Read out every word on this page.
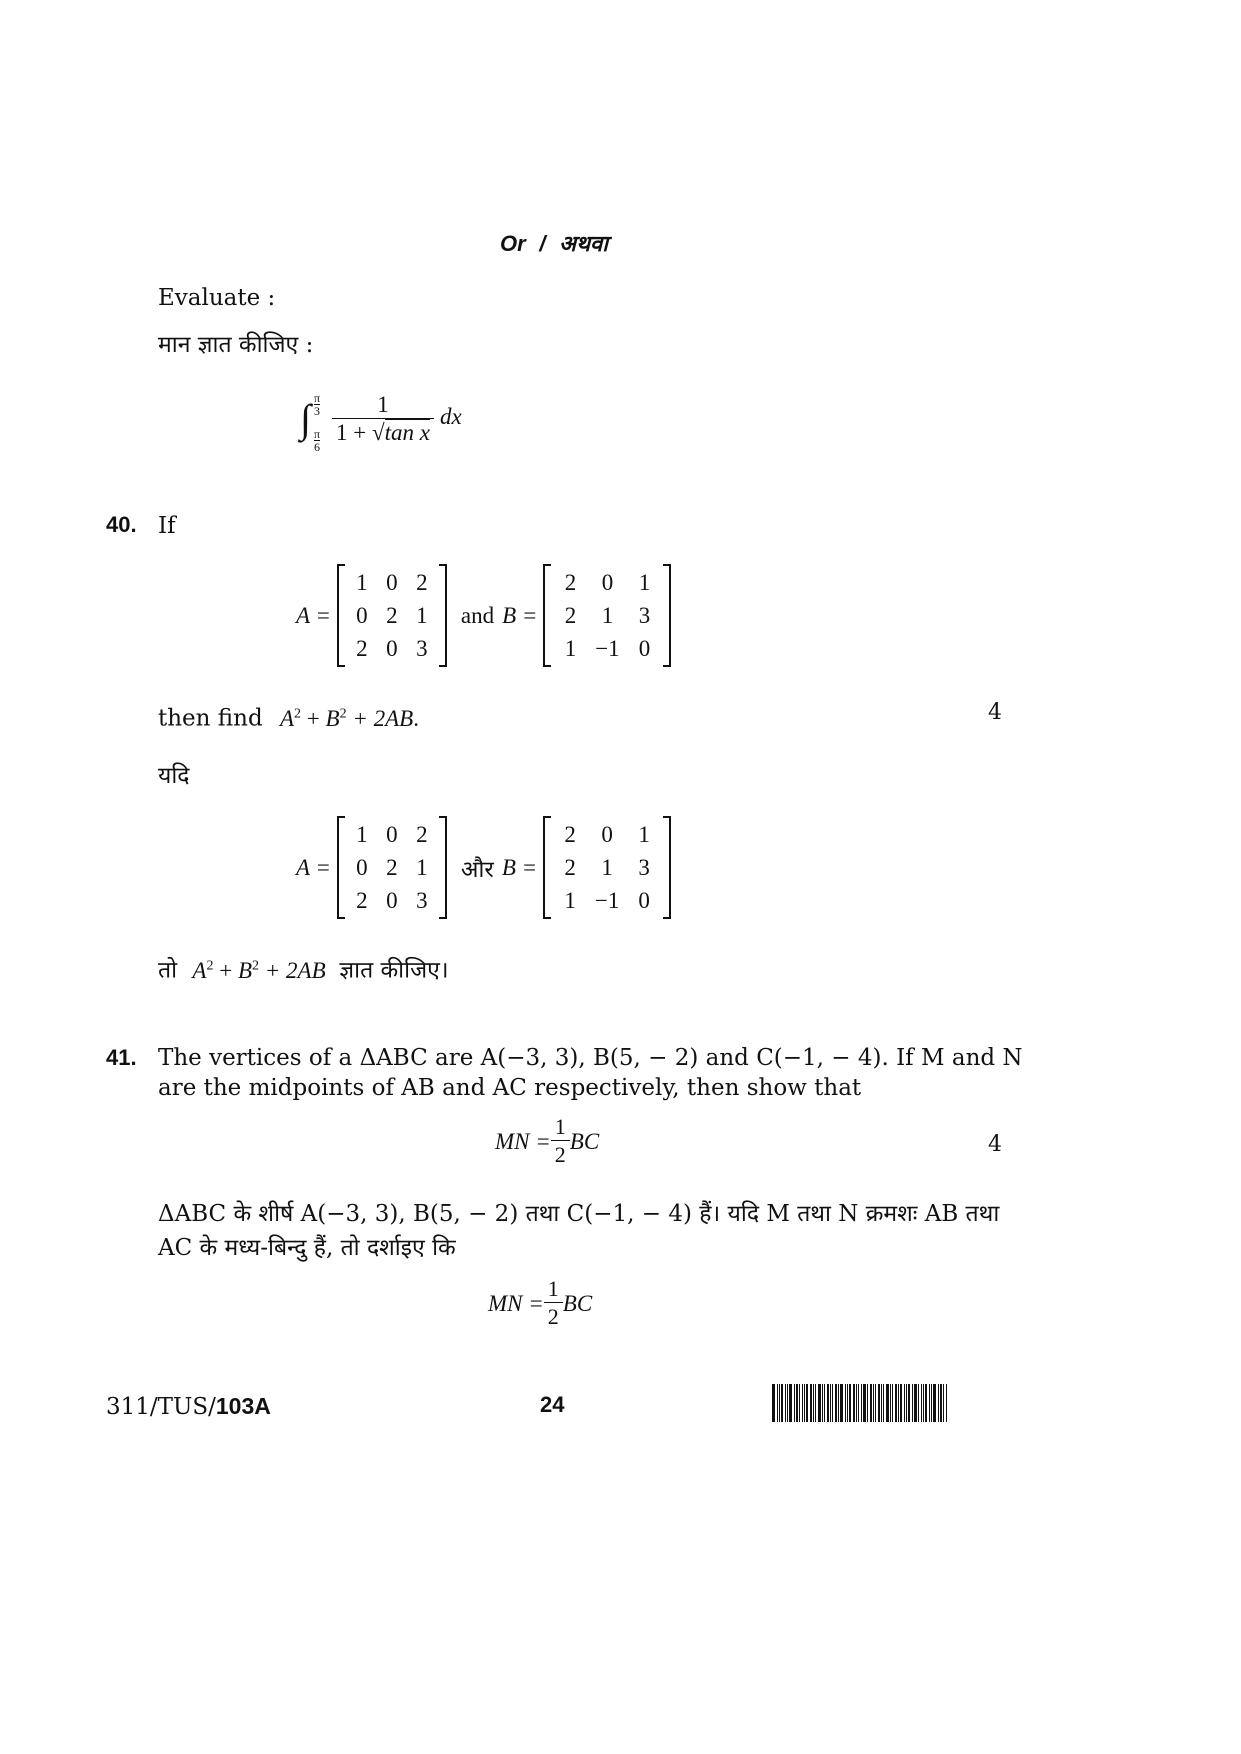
Or / अथवा
Evaluate :
मान ज्ञात कीजिए :
∫ π
3
π
$6 \frac{1}{\text{1 + √tan x}}$ dx
40. If
A =
1 0 2
0 2 1
2 0 3
and B =
2	0	1
2	1	3
1 −1 0
then find $A^2 + B^2 + 2AB$.	4
यदि
A =
1 0 2
0 2 1
2 0 3
और B =
2	0	1
2	1	3
1 −1 0
तो $A^2 + B^2 + 2AB$ ज्ञात कीजिए।
41. The vertices of a ΔABC are A(−3, 3), B(5, − 2) and C(−1, − 4). If M and N
are the midpoints of AB and AC respectively, then show that
MN = $\frac{1}{2}$ BC	4
ΔABC के शीर्ष A(−3, 3), B(5, − 2) तथा C(−1, − 4) हैं। यदि M तथा N क्रमशः AB तथा
AC के मध्य-बिन्दु हैं, तो दर्शाइए कि
MN = $\frac{1}{2}$ BC
311/TUS/103A	24
